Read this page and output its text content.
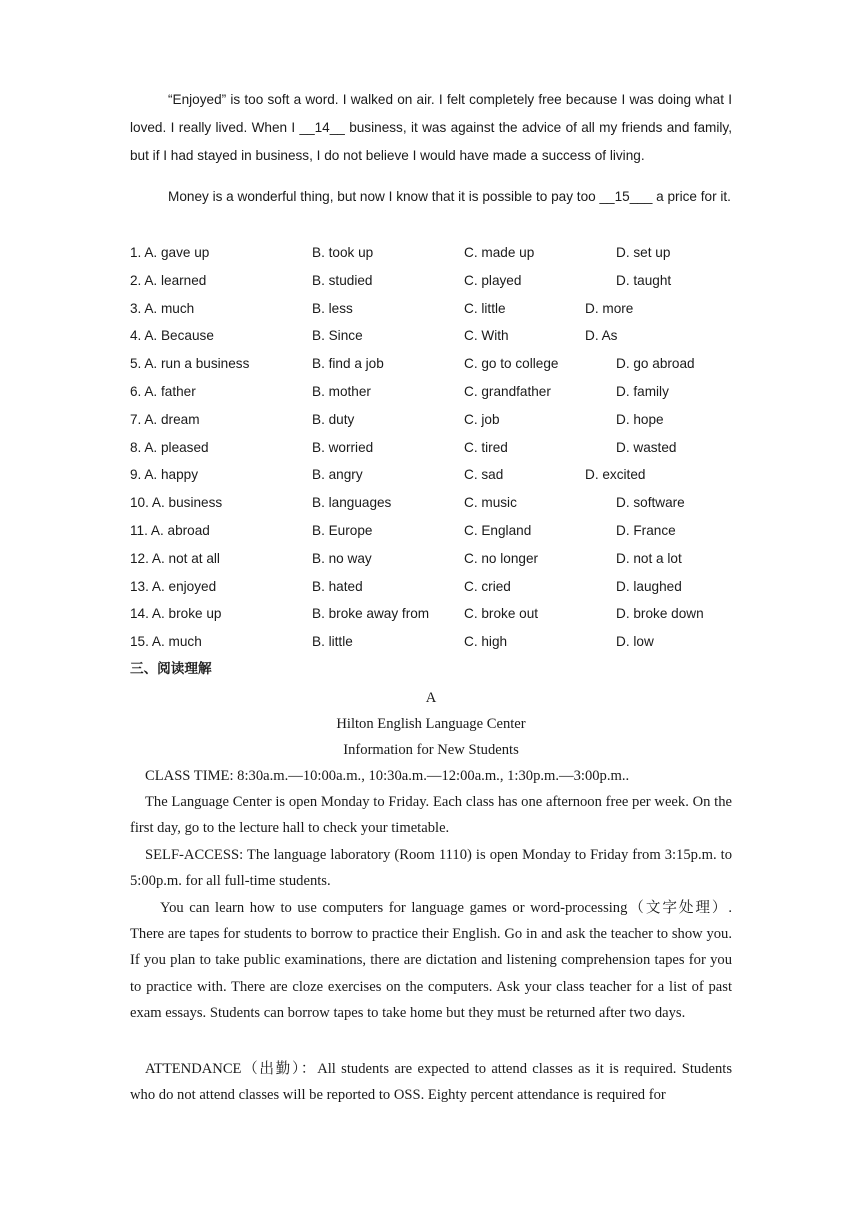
“Enjoyed” is too soft a word. I walked on air. I felt completely free because I was doing what I loved. I really lived. When I __14__ business, it was against the advice of all my friends and family, but if I had stayed in business, I do not believe I would have made a success of living.

Money is a wonderful thing, but now I know that it is possible to pay too __15___ a price for it.

1. A. gave up	B. took up	C. made up	D. set up
2. A. learned	B. studied	C. played	D. taught
3. A. much	B. less	C. little	D. more
4. A. Because	B. Since	C. With	D. As
5. A. run a business	B. find a job	C. go to college	D. go abroad
6. A. father	B. mother	C. grandfather	D. family
7. A. dream	B. duty	C. job	D. hope
8. A. pleased	B. worried	C. tired	D. wasted
9. A. happy	B. angry	C. sad	D. excited
10. A. business	B. languages	C. music	D. software
11. A. abroad	B. Europe	C. England	D. France
12. A. not at all	B. no way	C. no longer	D. not a lot
13. A. enjoyed	B. hated	C. cried	D. laughed
14. A. broke up	B. broke away from	C. broke out	D. broke down
15. A. much	B. little	C. high	D. low
三、阅读理解
A
Hilton English Language Center
Information for New Students

CLASS TIME: 8:30a.m.—10:00a.m., 10:30a.m.—12:00a.m., 1:30p.m.—3:00p.m..

The Language Center is open Monday to Friday. Each class has one afternoon free per week. On the first day, go to the lecture hall to check your timetable.

SELF-ACCESS: The language laboratory (Room 1110) is open Monday to Friday from 3:15p.m. to 5:00p.m. for all full-time students.

You can learn how to use computers for language games or word-processing（文字处理）. There are tapes for students to borrow to practice their English. Go in and ask the teacher to show you. If you plan to take public examinations, there are dictation and listening comprehension tapes for you to practice with. There are cloze exercises on the computers. Ask your class teacher for a list of past exam essays. Students can borrow tapes to take home but they must be returned after two days.

ATTENDANCE（出勤）：All students are expected to attend classes as it is required. Students who do not attend classes will be reported to OSS. Eighty percent attendance is required for
